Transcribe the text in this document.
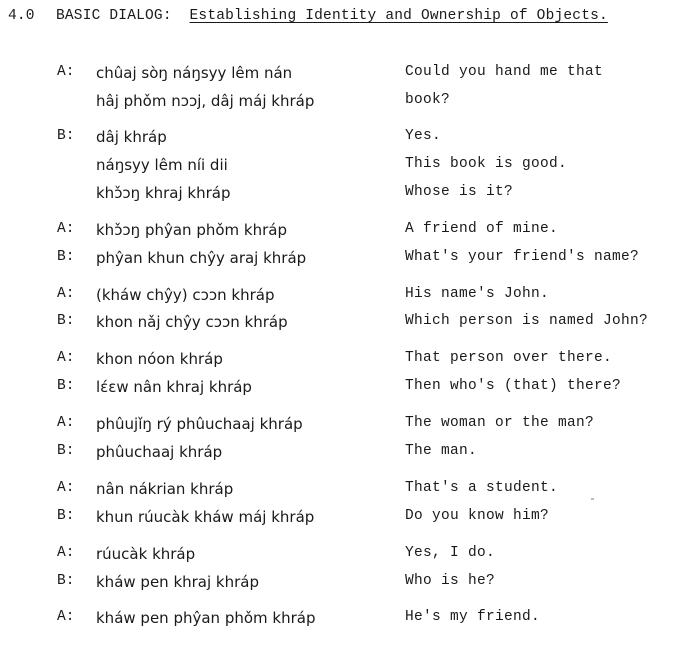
4.0 BASIC DIALOG: Establishing Identity and Ownership of Objects.
A: chûaj sòŋ náŋsyy lêm nán	Could you hand me that
hâj phǒm nɔɔj, dâj máj khráp	book?
B: dâj khráp	Yes.
náŋsyy lêm níi dii	This book is good.
khɔ̌ɔŋ khraj khráp	Whose is it?
A: khɔ̌ɔŋ phŷan phǒm khráp	A friend of mine.
B: phŷan khun chŷy araj khráp	What's your friend's name?
A: (kháw chŷy) cɔɔn khráp	His name's John.
B: khon nǎj chŷy cɔɔn khráp	Which person is named John?
A: khon nóon khráp	That person over there.
B: lɛ́ɛw nân khraj khráp	Then who's (that) there?
A: phûujǐŋ rý phûuchaaj khráp	The woman or the man?
B: phûuchaaj khráp	The man.
A: nân nákrian khráp	That's a student.
B: khun rúucàk kháw máj khráp	Do you know him?
A: rúucàk khráp	Yes, I do.
B: kháw pen khraj khráp	Who is he?
A: kháw pen phŷan phǒm khráp	He's my friend.
